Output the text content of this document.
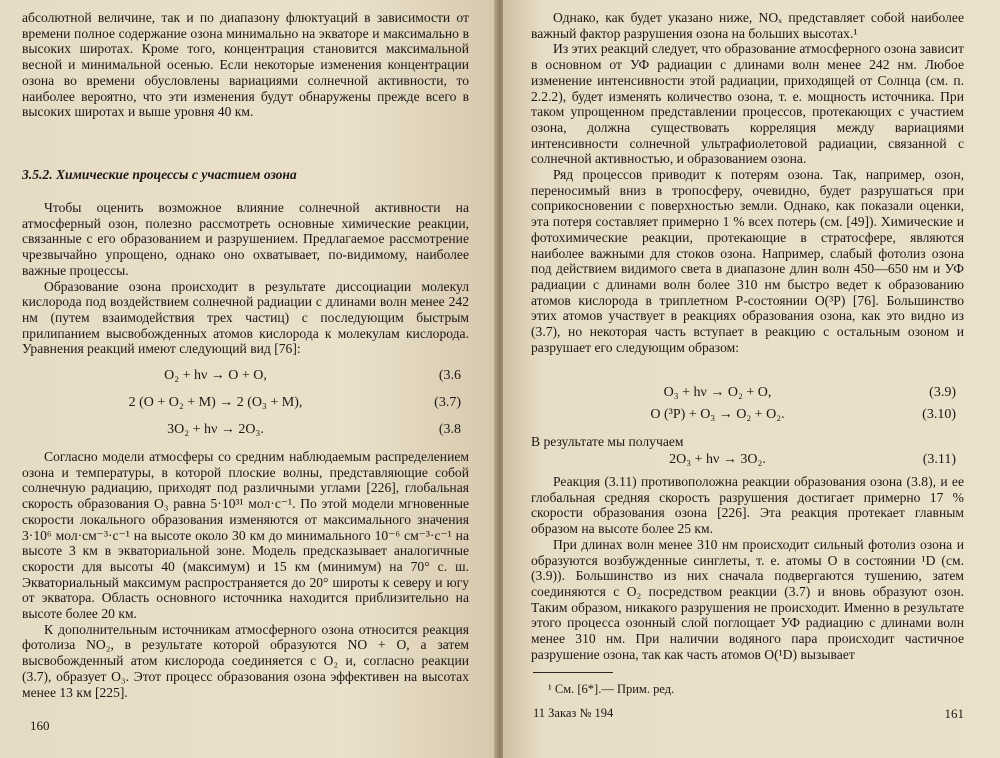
абсолютной величине, так и по диапазону флюктуаций в зависимости от времени полное содержание озона минимально на экваторе и максимально в высоких широтах. Кроме того, концентрация становится максимальной весной и минимальной осенью. Если некоторые изменения концентрации озона во времени обусловлены вариациями солнечной активности, то наиболее вероятно, что эти изменения будут обнаружены прежде всего в высоких широтах и выше уровня 40 км.

3.5.2. Химические процессы с участием озона

Чтобы оценить возможное влияние солнечной активности на атмосферный озон, полезно рассмотреть основные химические реакции, связанные с его образованием и разрушением. Предлагаемое рассмотрение чрезвычайно упрощено, однако оно охватывает, по-видимому, наиболее важные процессы.

Образование озона происходит в результате диссоциации молекул кислорода под воздействием солнечной радиации с длинами волн менее 242 нм (путем взаимодействия трех частиц) с последующим быстрым прилипанием высвобожденных атомов кислорода к молекулам кислорода. Уравнения реакций имеют следующий вид [76]:

O₂ + hν → O + O,	(3.6
2 (O + O₂ + M) → 2 (O₃ + M),	(3.7)
3O₂ + hν → 2O₃.	(3.8

Согласно модели атмосферы со средним наблюдаемым распределением озона и температуры, в которой плоские волны, представляющие собой солнечную радиацию, приходят под различными углами [226], глобальная скорость образования O₃ равна 5·10³¹ мол·с⁻¹. По этой модели мгновенные скорости локального образования изменяются от максимального значения 3·10⁶ мол·см⁻³·с⁻¹ на высоте около 30 км до минимального 10⁻⁶ см⁻³·с⁻¹ на высоте 3 км в экваториальной зоне. Модель предсказывает аналогичные скорости для высоты 40 (максимум) и 15 км (минимум) на 70° с. ш. Экваториальный максимум распространяется до 20° широты к северу и югу от экватора. Область основного источника находится приблизительно на высоте более 20 км.

К дополнительным источникам атмосферного озона относится реакция фотолиза NO₂, в результате которой образуются NO + O, а затем высвобожденный атом кислорода соединяется с O₂ и, согласно реакции (3.7), образует O₃. Этот процесс образования озона эффективен на высотах менее 13 км [225].

160

Однако, как будет указано ниже, NOₓ представляет собой наиболее важный фактор разрушения озона на больших высотах.¹

Из этих реакций следует, что образование атмосферного озона зависит в основном от УФ радиации с длинами волн менее 242 нм. Любое изменение интенсивности этой радиации, приходящей от Солнца (см. п. 2.2.2), будет изменять количество озона, т. е. мощность источника. При таком упрощенном представлении процессов, протекающих с участием озона, должна существовать корреляция между вариациями интенсивности солнечной ультрафиолетовой радиации, связанной с солнечной активностью, и образованием озона.

Ряд процессов приводит к потерям озона. Так, например, озон, переносимый вниз в тропосферу, очевидно, будет разрушаться при соприкосновении с поверхностью земли. Однако, как показали оценки, эта потеря составляет примерно 1 % всех потерь (см. [49]). Химические и фотохимические реакции, протекающие в стратосфере, являются наиболее важными для стоков озона. Например, слабый фотолиз озона под действием видимого света в диапазоне длин волн 450—650 нм и УФ радиации с длинами волн более 310 нм быстро ведет к образованию атомов кислорода в триплетном P-состоянии O(³P) [76]. Большинство этих атомов участвует в реакциях образования озона, как это видно из (3.7), но некоторая часть вступает в реакцию с остальным озоном и разрушает его следующим образом:

O₃ + hν → O₂ + O,	(3.9)
O (³P) + O₃ → O₂ + O₂.	(3.10)
В результате мы получаем
2O₃ + hν → 3O₂.	(3.11)

Реакция (3.11) противоположна реакции образования озона (3.8), и ее глобальная средняя скорость разрушения достигает примерно 17 % скорости образования озона [226]. Эта реакция протекает главным образом на высоте более 25 км.

При длинах волн менее 310 нм происходит сильный фотолиз озона и образуются возбужденные синглеты, т. е. атомы O в состоянии ¹D (см. (3.9)). Большинство из них сначала подвергаются тушению, затем соединяются с O₂ посредством реакции (3.7) и вновь образуют озон. Таким образом, никакого разрушения не происходит. Именно в результате этого процесса озонный слой поглощает УФ радиацию с длинами волн менее 310 нм. При наличии водяного пара происходит частичное разрушение озона, так как часть атомов O(¹D) вызывает

¹ См. [6*].— Прим. ред.
11 Заказ № 194	161
